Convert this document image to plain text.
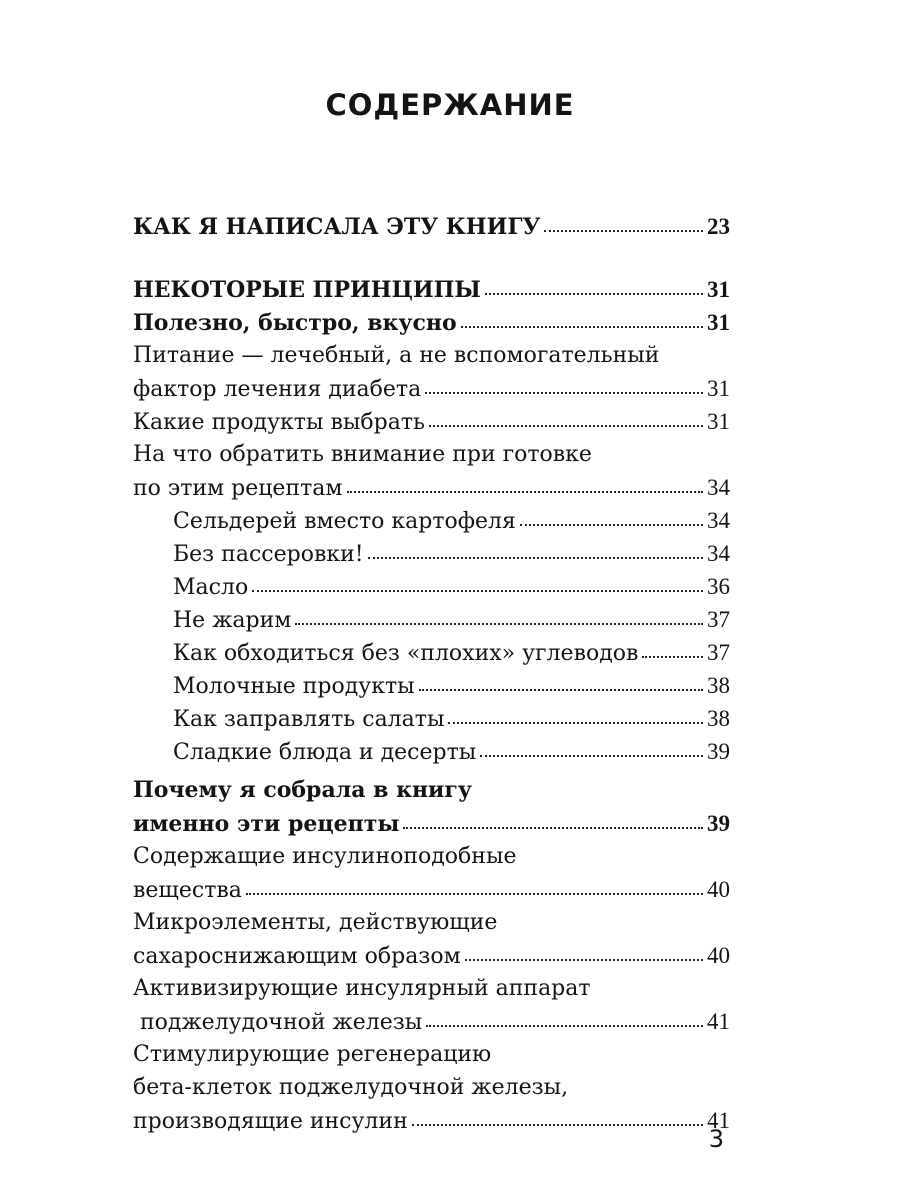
СОДЕРЖАНИЕ
КАК Я НАПИСАЛА ЭТУ КНИГУ	23
НЕКОТОРЫЕ ПРИНЦИПЫ	31
Полезно, быстро, вкусно	31
Питание — лечебный, а не вспомогательный
фактор лечения диабета	31
Какие продукты выбрать	31
На что обратить внимание при готовке
по этим рецептам	34
Сельдерей вместо картофеля	34
Без пассеровки!	34
Масло	36
Не жарим	37
Как обходиться без «плохих» углеводов	37
Молочные продукты	38
Как заправлять салаты	38
Сладкие блюда и десерты	39
Почему я собрала в книгу
именно эти рецепты	39
Содержащие инсулиноподобные
вещества	40
Микроэлементы, действующие
сахароснижающим образом	40
Активизирующие инсулярный аппарат
поджелудочной железы	41
Стимулирующие регенерацию
бета-клеток поджелудочной железы,
производящие инсулин	41
3
